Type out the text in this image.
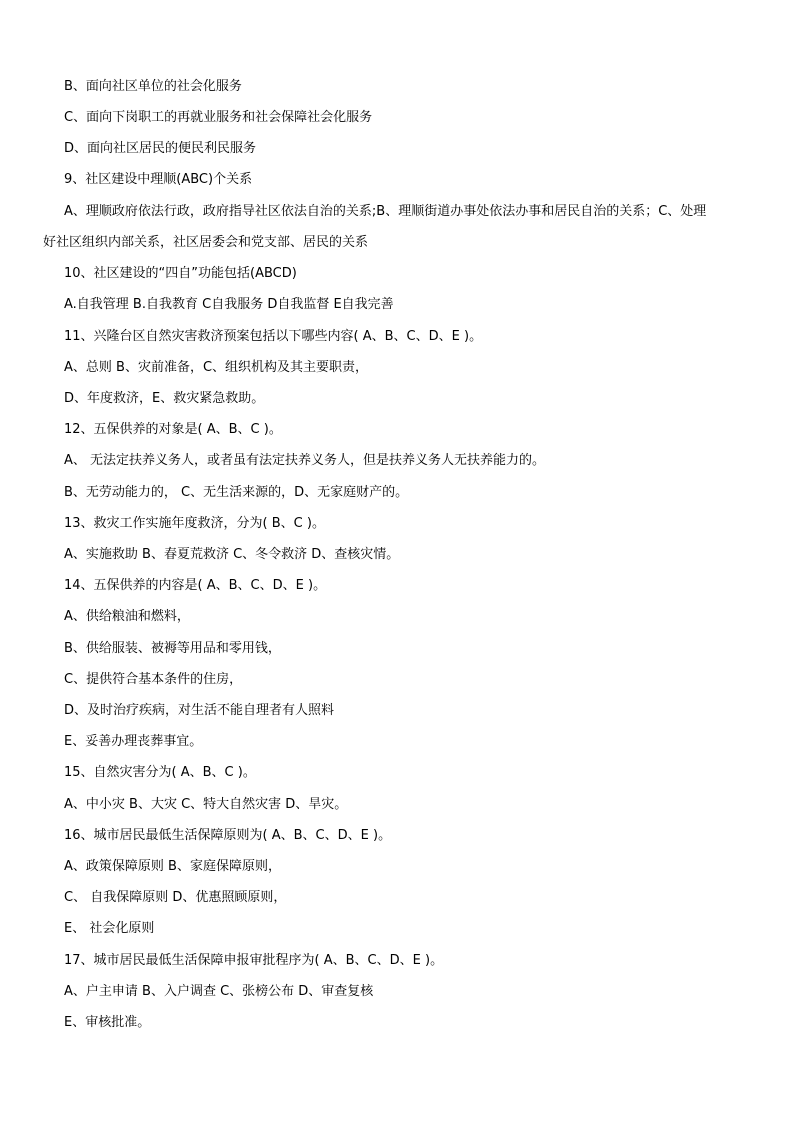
B、面向社区单位的社会化服务
C、面向下岗职工的再就业服务和社会保障社会化服务
D、面向社区居民的便民利民服务
9、社区建设中理顺(ABC)个关系
A、理顺政府依法行政，政府指导社区依法自治的关系;B、理顺街道办事处依法办事和居民自治的关系；C、处理
好社区组织内部关系，社区居委会和党支部、居民的关系
10、社区建设的“四自”功能包括(ABCD)
A.自我管理 B.自我教育 C自我服务 D自我监督 E自我完善
11、兴隆台区自然灾害救济预案包括以下哪些内容( A、B、C、D、E )。
A、总则 B、灾前准备，C、组织机构及其主要职责，
D、年度救济，E、救灾紧急救助。
12、五保供养的对象是( A、B、C )。
A、 无法定扶养义务人，或者虽有法定扶养义务人，但是扶养义务人无扶养能力的。
B、无劳动能力的， C、无生活来源的，D、无家庭财产的。
13、救灾工作实施年度救济，分为( B、C )。
A、实施救助 B、春夏荒救济 C、冬令救济 D、查核灾情。
14、五保供养的内容是( A、B、C、D、E )。
A、供给粮油和燃料，
B、供给服装、被褥等用品和零用钱，
C、提供符合基本条件的住房，
D、及时治疗疾病，对生活不能自理者有人照料
E、妥善办理丧葬事宜。
15、自然灾害分为( A、B、C )。
A、中小灾 B、大灾 C、特大自然灾害 D、旱灾。
16、城市居民最低生活保障原则为( A、B、C、D、E )。
A、政策保障原则 B、家庭保障原则，
C、 自我保障原则 D、优惠照顾原则，
E、 社会化原则
17、城市居民最低生活保障申报审批程序为( A、B、C、D、E )。
A、户主申请 B、入户调查 C、张榜公布 D、审查复核
E、审核批准。
